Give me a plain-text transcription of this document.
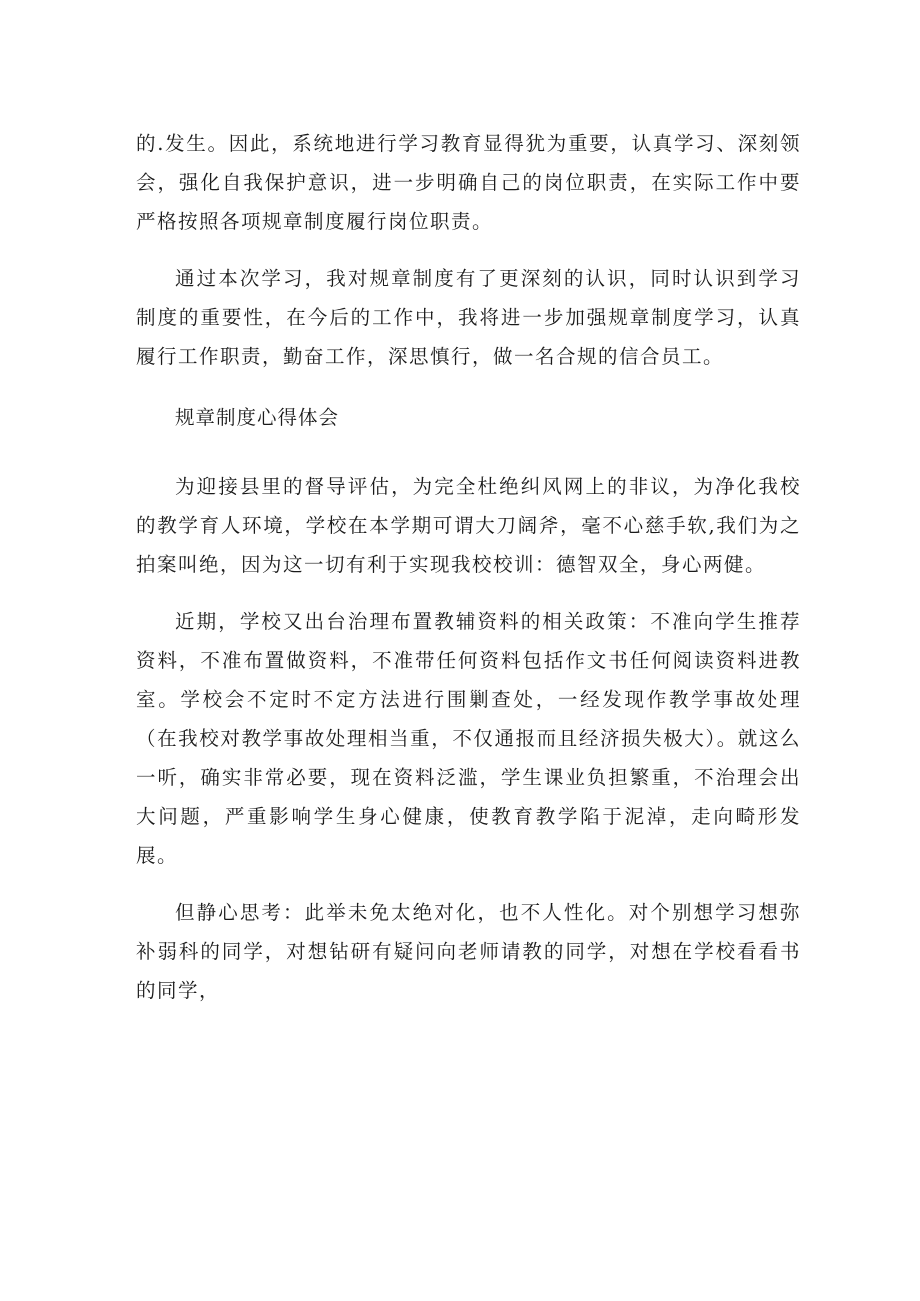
的.发生。因此，系统地进行学习教育显得犹为重要，认真学习、深刻领会，强化自我保护意识，进一步明确自己的岗位职责，在实际工作中要严格按照各项规章制度履行岗位职责。

通过本次学习，我对规章制度有了更深刻的认识，同时认识到学习制度的重要性，在今后的工作中，我将进一步加强规章制度学习，认真履行工作职责，勤奋工作，深思慎行，做一名合规的信合员工。

规章制度心得体会

为迎接县里的督导评估，为完全杜绝纠风网上的非议，为净化我校的教学育人环境，学校在本学期可谓大刀阔斧，毫不心慈手软,我们为之拍案叫绝，因为这一切有利于实现我校校训：德智双全，身心两健。

近期，学校又出台治理布置教辅资料的相关政策：不准向学生推荐资料，不准布置做资料，不准带任何资料包括作文书任何阅读资料进教室。学校会不定时不定方法进行围剿查处，一经发现作教学事故处理（在我校对教学事故处理相当重，不仅通报而且经济损失极大）。就这么一听，确实非常必要，现在资料泛滥，学生课业负担繁重，不治理会出大问题，严重影响学生身心健康，使教育教学陷于泥淖，走向畸形发展。

但静心思考：此举未免太绝对化，也不人性化。对个别想学习想弥补弱科的同学，对想钻研有疑问向老师请教的同学，对想在学校看看书的同学，
